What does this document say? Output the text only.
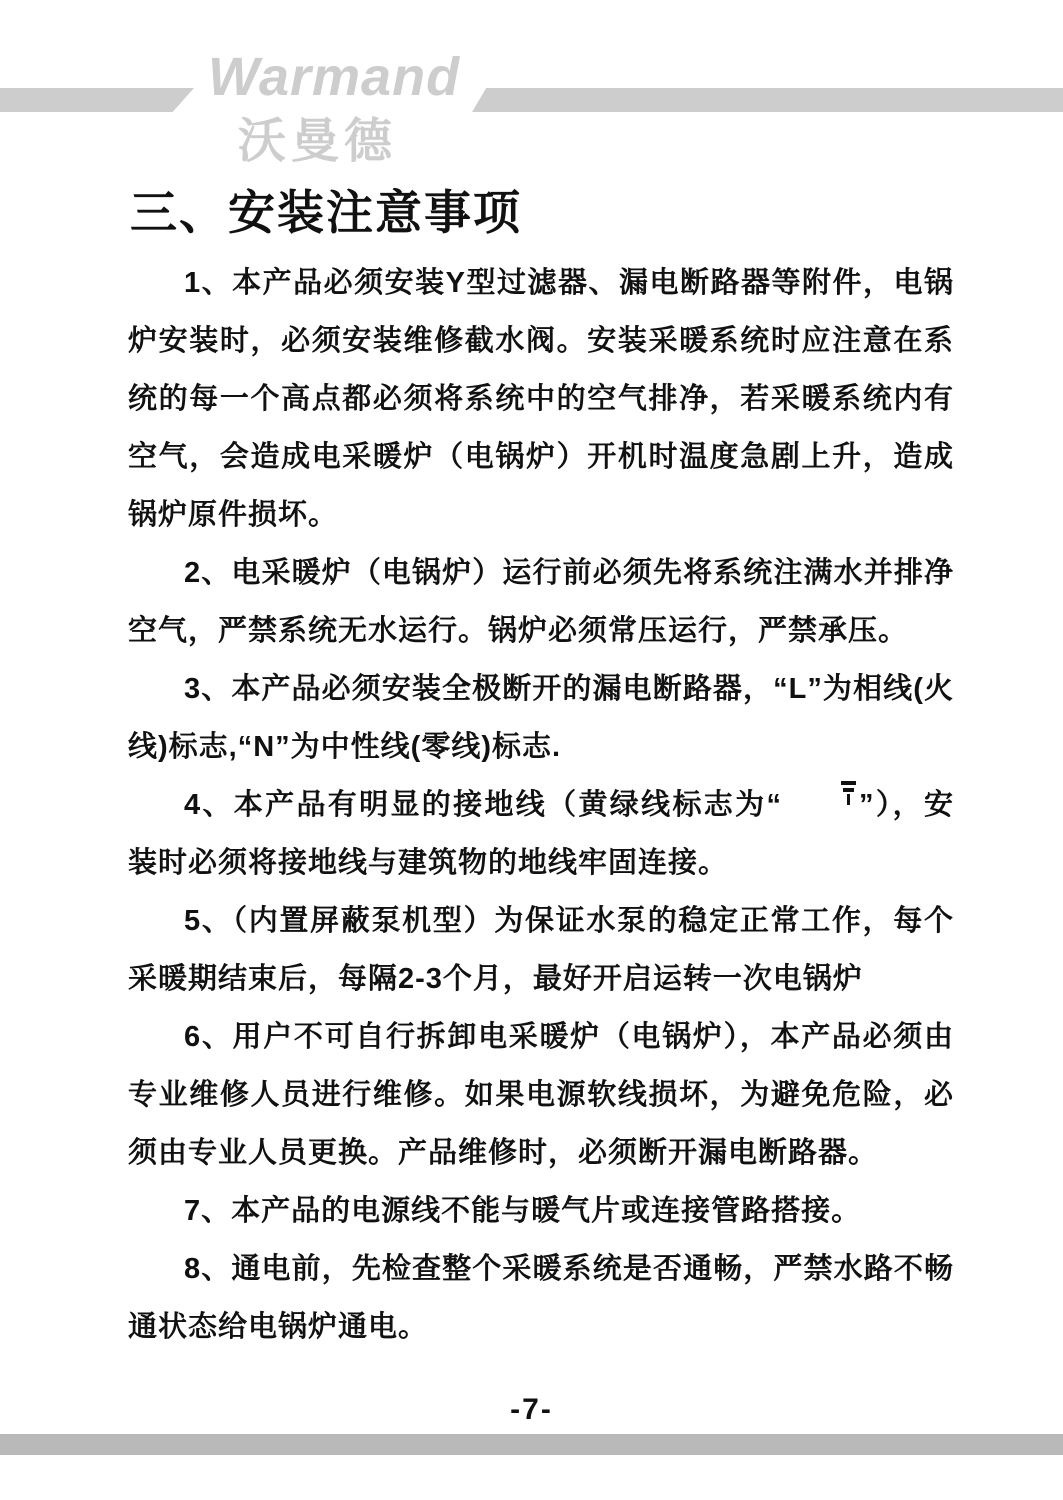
Warmand
沃曼德
三、安装注意事项

1、本产品必须安装Y型过滤器、漏电断路器等附件，电锅炉安装时，必须安装维修截水阀。安装采暖系统时应注意在系统的每一个高点都必须将系统中的空气排净，若采暖系统内有空气，会造成电采暖炉（电锅炉）开机时温度急剧上升，造成锅炉原件损坏。

2、电采暖炉（电锅炉）运行前必须先将系统注满水并排净空气，严禁系统无水运行。锅炉必须常压运行，严禁承压。

3、本产品必须安装全极断开的漏电断路器，“L”为相线(火线)标志,“N”为中性线(零线)标志.

4、本产品有明显的接地线（黄绿线标志为“	”），安装时必须将接地线与建筑物的地线牢固连接。

5、（内置屏蔽泵机型）为保证水泵的稳定正常工作，每个采暖期结束后，每隔2-3个月，最好开启运转一次电锅炉

6、用户不可自行拆卸电采暖炉（电锅炉），本产品必须由专业维修人员进行维修。如果电源软线损坏，为避免危险，必须由专业人员更换。产品维修时，必须断开漏电断路器。

7、本产品的电源线不能与暖气片或连接管路搭接。

8、通电前，先检查整个采暖系统是否通畅，严禁水路不畅通状态给电锅炉通电。

-7-
